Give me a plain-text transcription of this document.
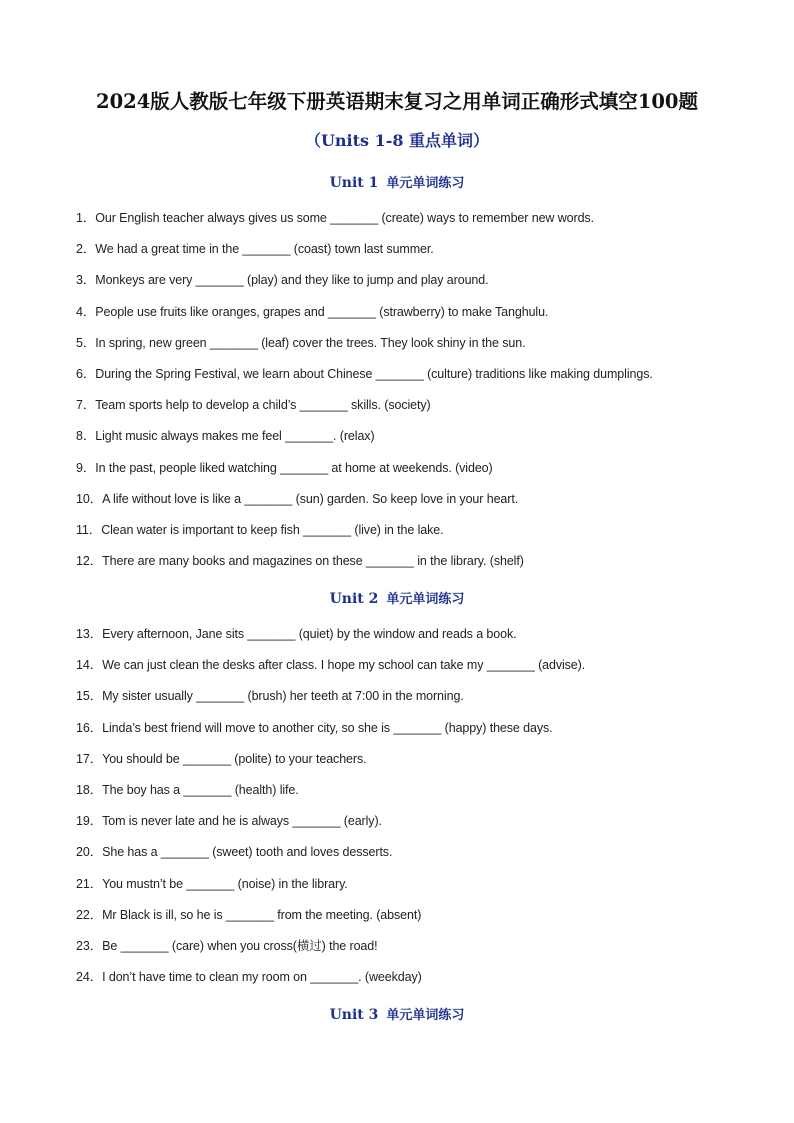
2024版人教版七年级下册英语期末复习之用单词正确形式填空100题
（Units 1-8 重点单词）
Unit 1 单元单词练习
1．Our English teacher always gives us some _______ (create) ways to remember new words.
2．We had a great time in the _______ (coast) town last summer.
3．Monkeys are very _______ (play) and they like to jump and play around.
4．People use fruits like oranges, grapes and _______ (strawberry) to make Tanghulu.
5．In spring, new green _______ (leaf) cover the trees. They look shiny in the sun.
6．During the Spring Festival, we learn about Chinese _______ (culture) traditions like making dumplings.
7．Team sports help to develop a child’s _______ skills. (society)
8．Light music always makes me feel _______. (relax)
9．In the past, people liked watching _______ at home at weekends. (video)
10．A life without love is like a _______ (sun) garden. So keep love in your heart.
11．Clean water is important to keep fish _______ (live) in the lake.
12．There are many books and magazines on these _______ in the library. (shelf)
Unit 2 单元单词练习
13．Every afternoon, Jane sits _______ (quiet) by the window and reads a book.
14．We can just clean the desks after class. I hope my school can take my _______ (advise).
15．My sister usually _______ (brush) her teeth at 7:00 in the morning.
16．Linda’s best friend will move to another city, so she is _______ (happy) these days.
17．You should be _______ (polite) to your teachers.
18．The boy has a _______ (health) life.
19．Tom is never late and he is always _______ (early).
20．She has a _______ (sweet) tooth and loves desserts.
21．You mustn’t be _______ (noise) in the library.
22．Mr Black is ill, so he is _______ from the meeting. (absent)
23．Be _______ (care) when you cross(横过) the road!
24．I don’t have time to clean my room on _______. (weekday)
Unit 3 单元单词练习
